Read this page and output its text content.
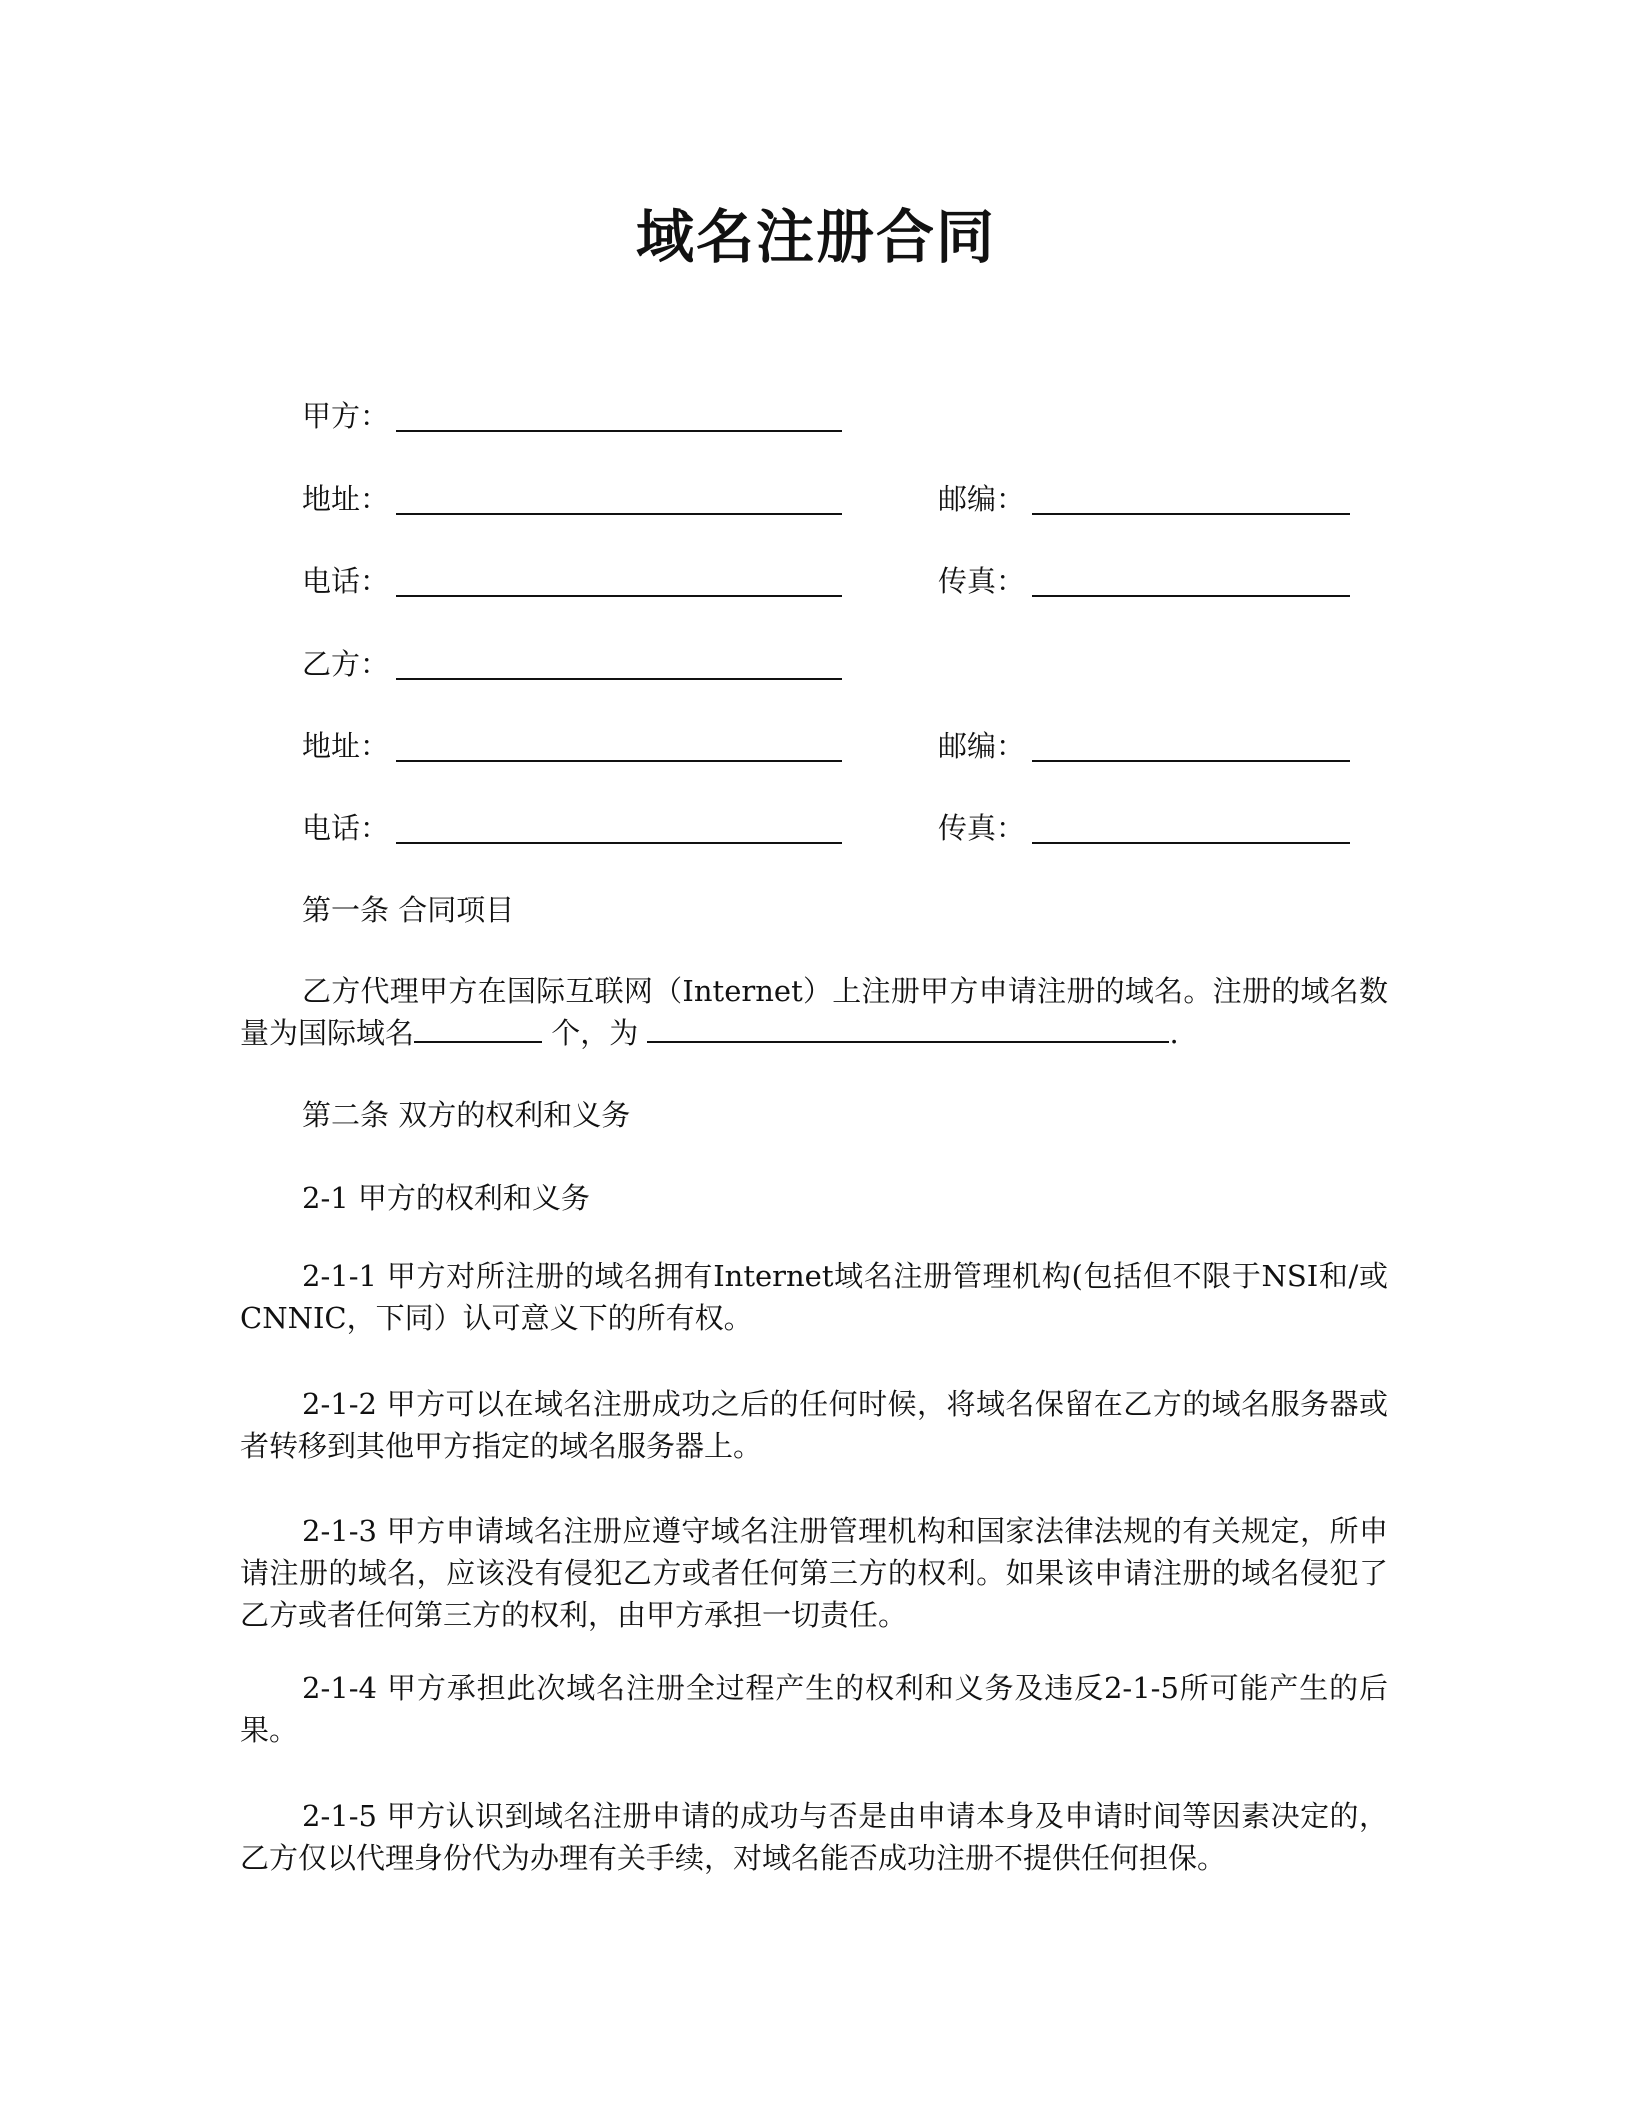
域名注册合同
甲方：
地址：	邮编：
电话：	传真：
乙方：
地址：	邮编：
电话：	传真：
第一条 合同项目
乙方代理甲方在国际互联网（Internet）上注册甲方申请注册的域名。注册的域名数量为国际域名	个，为	.
第二条 双方的权利和义务
2-1 甲方的权利和义务
2-1-1 甲方对所注册的域名拥有Internet域名注册管理机构(包括但不限于NSI和/或CNNIC，下同）认可意义下的所有权。
2-1-2 甲方可以在域名注册成功之后的任何时候，将域名保留在乙方的域名服务器或者转移到其他甲方指定的域名服务器上。
2-1-3 甲方申请域名注册应遵守域名注册管理机构和国家法律法规的有关规定，所申请注册的域名，应该没有侵犯乙方或者任何第三方的权利。如果该申请注册的域名侵犯了乙方或者任何第三方的权利，由甲方承担一切责任。
2-1-4 甲方承担此次域名注册全过程产生的权利和义务及违反2-1-5所可能产生的后果。
2-1-5 甲方认识到域名注册申请的成功与否是由申请本身及申请时间等因素决定的，乙方仅以代理身份代为办理有关手续，对域名能否成功注册不提供任何担保。
